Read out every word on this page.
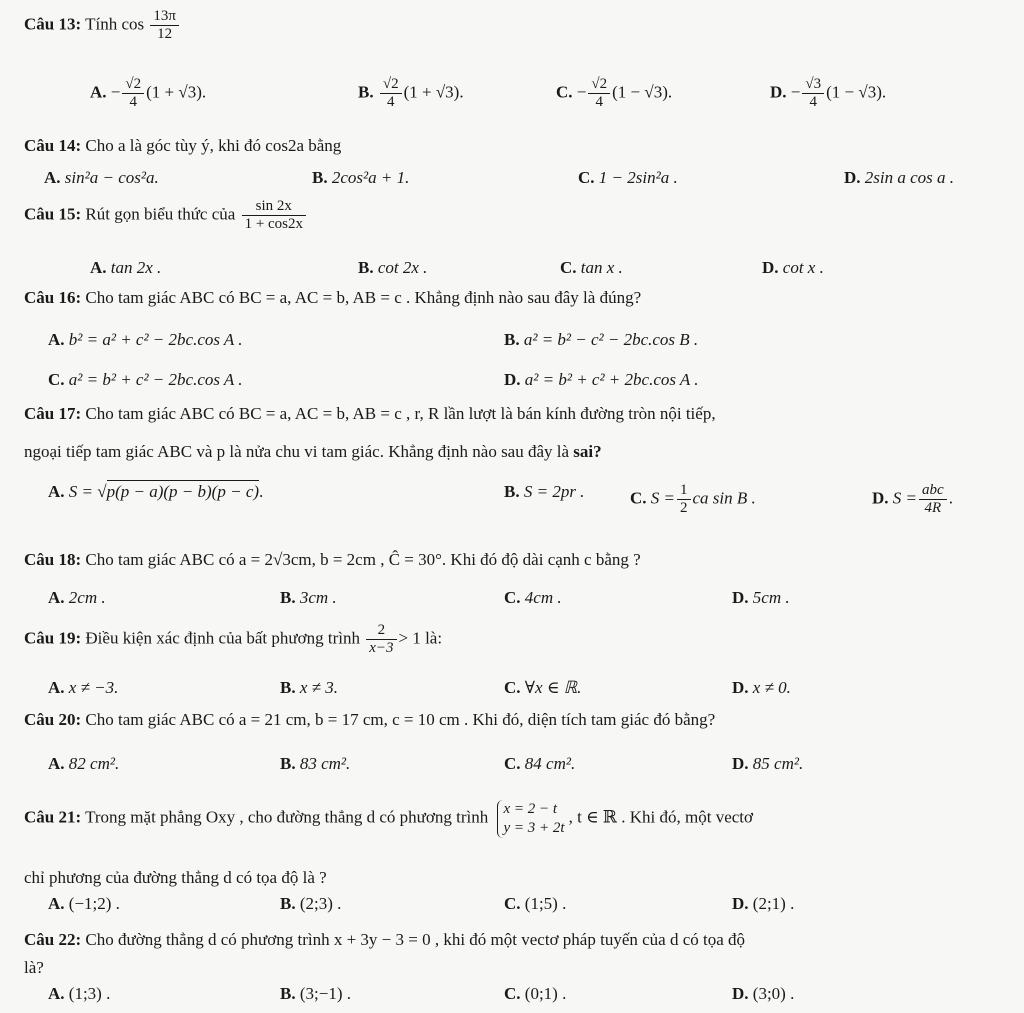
Câu 13: Tính $\cos \frac{13\pi}{12}$
A. − $\frac{√2}{4} (1 + √3)$.	B. $\frac{√2}{4} (1 + √3)$.	C. − $\frac{√2}{4} (1 - √3)$.	D. − $\frac{√3}{4} (1 - √3)$.
Câu 14: Cho a là góc tùy ý, khi đó cos2a bằng
A. sin²a − cos²a.	B. 2cos²a + 1.	C. 1 − 2sin²a .	D. 2sin a cos a .
Câu 15: Rút gọn biểu thức của $\frac{\sin 2x}{1 + \cos 2x}$
A. tan 2x .	B. cot 2x .	C. tan x .	D. cot x .
Câu 16: Cho tam giác ABC có BC = a, AC = b, AB = c . Khẳng định nào sau đây là đúng?
A. b² = a² + c² − 2bc.cos A .	B. a² = b² − c² − 2bc.cos B .
C. a² = b² + c² − 2bc.cos A .	D. a² = b² + c² + 2bc.cos A .
Câu 17: Cho tam giác ABC có BC = a, AC = b, AB = c , r, R lần lượt là bán kính đường tròn nội tiếp,
ngoại tiếp tam giác ABC và p là nửa chu vi tam giác. Khẳng định nào sau đây là sai?
A. S = √p(p − a)(p − b)(p − c).	B. S = 2pr .	C. $S = \frac{1}{2}$ ca sin B .	D. $S = \frac{\text{abc}}{4R}$ .
Câu 18: Cho tam giác ABC có a = 2√3cm, b = 2cm , Ĉ = 30°. Khi đó độ dài cạnh c bằng ?
A. 2cm .	B. 3cm .	C. 4cm .	D. 5cm .
Câu 19: Điều kiện xác định của bất phương trình $\frac{2}{x-3} > 1$ là:
A. x ≠ −3.	B. x ≠ 3.	C. ∀x ∈ ℝ.	D. x ≠ 0.
Câu 20: Cho tam giác ABC có a = 21 cm, b = 17 cm, c = 10 cm . Khi đó, diện tích tam giác đó bằng?
A. 82 cm².	B. 83 cm².	C. 84 cm².	D. 85 cm².
Câu 21: Trong mặt phẳng Oxy , cho đường thẳng d có phương trình x = 2 − t
y = 3 + 2t
, t ∈ ℝ . Khi đó, một vectơ
chỉ phương của đường thẳng d có tọa độ là ?
A. (−1;2) .	B. (2;3) .	C. (1;5) .	D. (2;1) .
Câu 22: Cho đường thẳng d có phương trình x + 3y − 3 = 0 , khi đó một vectơ pháp tuyến của d có tọa độ
là?
A. (1;3) .	B. (3;−1) .	C. (0;1) .	D. (3;0) .
